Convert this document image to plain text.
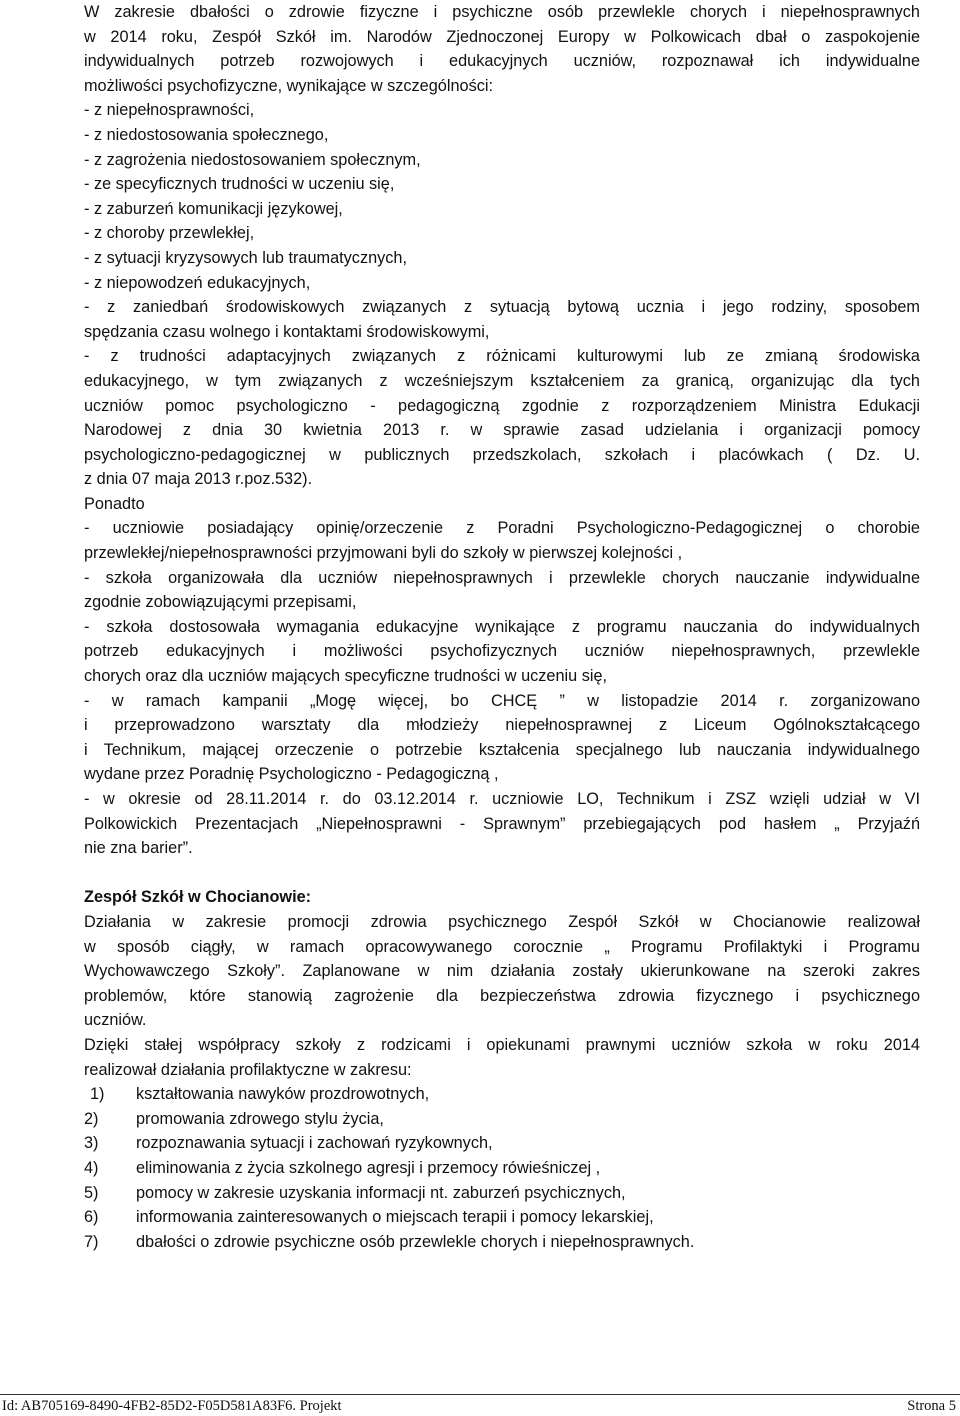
W zakresie dbałości o zdrowie fizyczne i psychiczne osób przewlekle chorych i niepełnosprawnych
w 2014 roku, Zespół Szkół im. Narodów Zjednoczonej Europy w Polkowicach dbał o zaspokojenie
indywidualnych potrzeb rozwojowych i edukacyjnych uczniów, rozpoznawał ich indywidualne
możliwości psychofizyczne, wynikające w szczególności:
- z niepełnosprawności,
- z niedostosowania społecznego,
- z zagrożenia niedostosowaniem społecznym,
- ze specyficznych trudności w uczeniu się,
- z zaburzeń komunikacji językowej,
- z choroby przewlekłej,
- z sytuacji kryzysowych lub traumatycznych,
- z niepowodzeń edukacyjnych,
- z zaniedbań środowiskowych związanych z sytuacją bytową ucznia i jego rodziny, sposobem
spędzania czasu wolnego i kontaktami środowiskowymi,
- z trudności adaptacyjnych związanych z różnicami kulturowymi lub ze zmianą środowiska
edukacyjnego, w tym związanych z wcześniejszym kształceniem za granicą, organizując dla tych
uczniów pomoc psychologiczno - pedagogiczną zgodnie z rozporządzeniem Ministra Edukacji
Narodowej z dnia 30 kwietnia 2013 r. w sprawie zasad udzielania i organizacji pomocy
psychologiczno-pedagogicznej w publicznych przedszkolach, szkołach i placówkach ( Dz. U.
z dnia 07 maja 2013 r.poz.532).
Ponadto
- uczniowie posiadający opinię/orzeczenie z Poradni Psychologiczno-Pedagogicznej o chorobie
przewlekłej/niepełnosprawności przyjmowani byli do szkoły w pierwszej kolejności ,
- szkoła organizowała dla uczniów niepełnosprawnych i przewlekle chorych nauczanie indywidualne
zgodnie zobowiązującymi przepisami,
- szkoła dostosowała wymagania edukacyjne wynikające z programu nauczania do indywidualnych
potrzeb edukacyjnych i możliwości psychofizycznych uczniów niepełnosprawnych, przewlekle
chorych oraz dla uczniów mających specyficzne trudności w uczeniu się,
- w ramach kampanii „Mogę więcej, bo CHCĘ ” w listopadzie 2014 r. zorganizowano
i przeprowadzono warsztaty dla młodzieży niepełnosprawnej z Liceum Ogólnokształcącego
i Technikum, mającej orzeczenie o potrzebie kształcenia specjalnego lub nauczania indywidualnego
wydane przez Poradnię Psychologiczno - Pedagogiczną ,
- w okresie od 28.11.2014 r. do 03.12.2014 r. uczniowie LO, Technikum i ZSZ wzięli udział w VI
Polkowickich Prezentacjach „Niepełnosprawni - Sprawnym” przebiegających pod hasłem „ Przyjaźń
nie zna barier”.
Zespół Szkół w Chocianowie:
Działania w zakresie promocji zdrowia psychicznego Zespół Szkół w Chocianowie realizował
w sposób ciągły, w ramach opracowywanego corocznie „ Programu Profilaktyki i Programu
Wychowawczego Szkoły”. Zaplanowane w nim działania zostały ukierunkowane na szeroki zakres
problemów, które stanowią zagrożenie dla bezpieczeństwa zdrowia fizycznego i psychicznego
uczniów.
Dzięki stałej współpracy szkoły z rodzicami i opiekunami prawnymi uczniów szkoła w roku 2014
realizował działania profilaktyczne w zakresu:
1) kształtowania nawyków prozdrowotnych,
2) promowania zdrowego stylu życia,
3) rozpoznawania sytuacji i zachowań ryzykownych,
4) eliminowania z życia szkolnego agresji i przemocy rówieśniczej ,
5) pomocy w zakresie uzyskania informacji nt. zaburzeń psychicznych,
6) informowania zainteresowanych o miejscach terapii i pomocy lekarskiej,
7) dbałości o zdrowie psychiczne osób przewlekle chorych i niepełnosprawnych.
Id: AB705169-8490-4FB2-85D2-F05D581A83F6. Projekt	Strona 5
